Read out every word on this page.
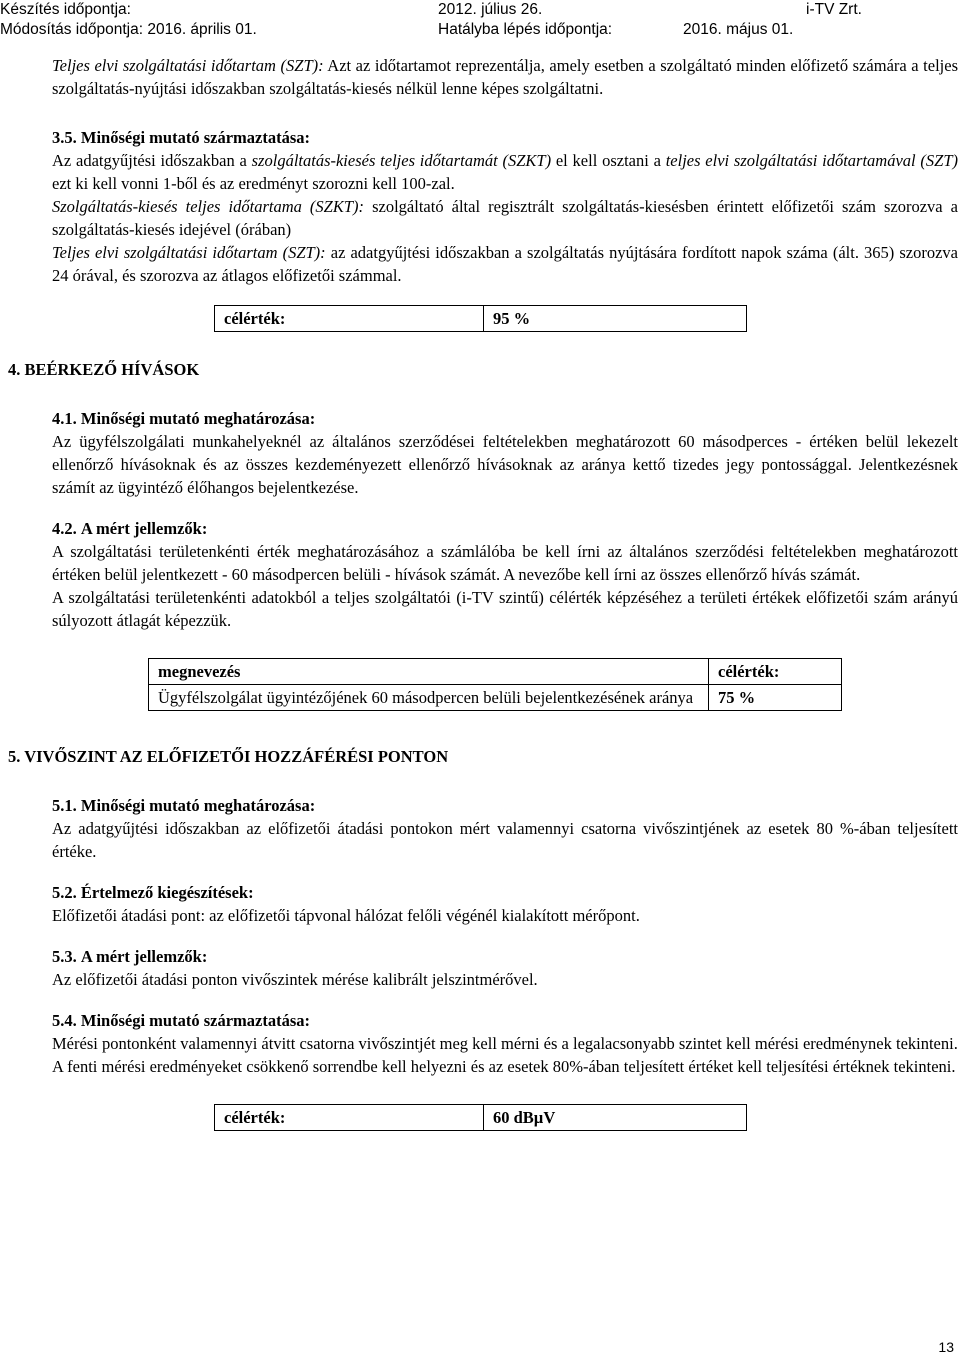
Készítés időpontja:	2012. július 26.	i-TV Zrt.
Módosítás időpontja: 2016. április 01.	Hatályba lépés időpontja:	2016. május 01.

Teljes elvi szolgáltatási időtartam (SZT): Azt az időtartamot reprezentálja, amely esetben a szolgáltató minden előfizető számára a teljes szolgáltatás-nyújtási időszakban szolgáltatás-kiesés nélkül lenne képes szolgáltatni.

3.5. Minőségi mutató származtatása:

Az adatgyűjtési időszakban a szolgáltatás-kiesés teljes időtartamát (SZKT) el kell osztani a teljes elvi szolgáltatási időtartamával (SZT) ezt ki kell vonni 1-ből és az eredményt szorozni kell 100-zal.

Szolgáltatás-kiesés teljes időtartama (SZKT): szolgáltató által regisztrált szolgáltatás-kiesésben érintett előfizetői szám szorozva a szolgáltatás-kiesés idejével (órában)

Teljes elvi szolgáltatási időtartam (SZT): az adatgyűjtési időszakban a szolgáltatás nyújtására fordított napok száma (ált. 365) szorozva 24 órával, és szorozva az átlagos előfizetői számmal.

célérték:	95 %
4. BEÉRKEZŐ HÍVÁSOK
4.1. Minőségi mutató meghatározása:

Az ügyfélszolgálati munkahelyeknél az általános szerződései feltételekben meghatározott 60 másodperces - értéken belül lekezelt ellenőrző hívásoknak és az összes kezdeményezett ellenőrző hívásoknak az aránya kettő tizedes jegy pontossággal. Jelentkezésnek számít az ügyintéző élőhangos bejelentkezése.

4.2. A mért jellemzők:

A szolgáltatási területenkénti érték meghatározásához a számlálóba be kell írni az általános szerződési feltételekben meghatározott értéken belül jelentkezett - 60 másodpercen belüli - hívások számát. A nevezőbe kell írni az összes ellenőrző hívás számát.

A szolgáltatási területenkénti adatokból a teljes szolgáltatói (i-TV szintű) célérték képzéséhez a területi értékek előfizetői szám arányú súlyozott átlagát képezzük.

megnevezés	célérték:
Ügyfélszolgálat ügyintézőjének 60 másodpercen belüli bejelentkezésének aránya	75 %
5. VIVŐSZINT AZ ELŐFIZETŐI HOZZÁFÉRÉSI PONTON
5.1. Minőségi mutató meghatározása:

Az adatgyűjtési időszakban az előfizetői átadási pontokon mért valamennyi csatorna vivőszintjének az esetek 80 %-ában teljesített értéke.

5.2. Értelmező kiegészítések:

Előfizetői átadási pont: az előfizetői tápvonal hálózat felőli végénél kialakított mérőpont.

5.3. A mért jellemzők:

Az előfizetői átadási ponton vivőszintek mérése kalibrált jelszintmérővel.

5.4. Minőségi mutató származtatása:

Mérési pontonként valamennyi átvitt csatorna vivőszintjét meg kell mérni és a legalacsonyabb szintet kell mérési eredménynek tekinteni.

A fenti mérési eredményeket csökkenő sorrendbe kell helyezni és az esetek 80%-ában teljesített értéket kell teljesítési értéknek tekinteni.

célérték:	60 dBµV
13
